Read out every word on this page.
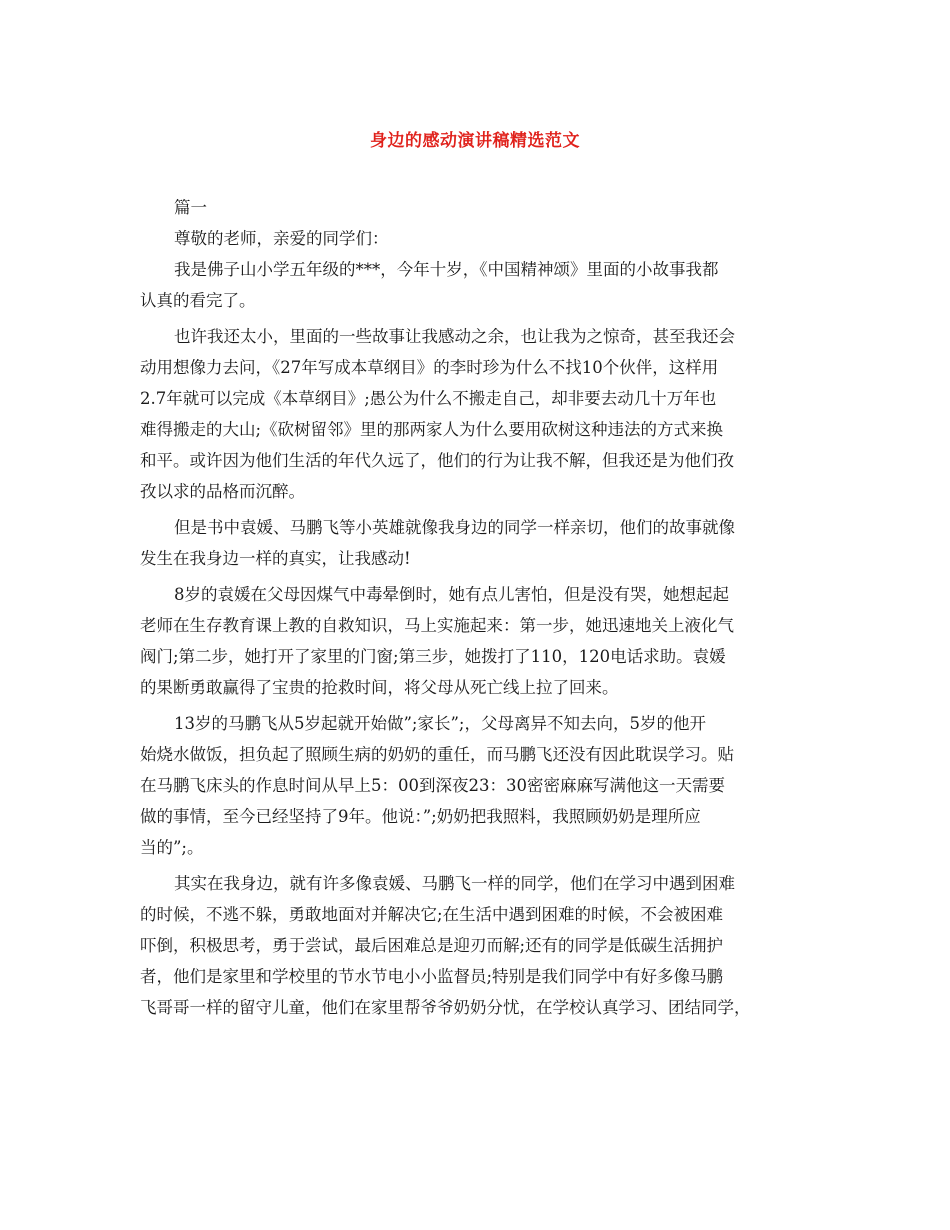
身边的感动演讲稿精选范文
篇一
尊敬的老师，亲爱的同学们：
我是佛子山小学五年级的***，今年十岁，《中国精神颂》里面的小故事我都
认真的看完了。
也许我还太小，里面的一些故事让我感动之余，也让我为之惊奇，甚至我还会
动用想像力去问，《27年写成本草纲目》的李时珍为什么不找10个伙伴，这样用
2.7年就可以完成《本草纲目》;愚公为什么不搬走自己，却非要去动几十万年也
难得搬走的大山;《砍树留邻》里的那两家人为什么要用砍树这种违法的方式来换
和平。或许因为他们生活的年代久远了，他们的行为让我不解，但我还是为他们孜
孜以求的品格而沉醉。
但是书中袁媛、马鹏飞等小英雄就像我身边的同学一样亲切，他们的故事就像
发生在我身边一样的真实，让我感动!
8岁的袁媛在父母因煤气中毒晕倒时，她有点儿害怕，但是没有哭，她想起起
老师在生存教育课上教的自救知识，马上实施起来：第一步，她迅速地关上液化气
阀门;第二步，她打开了家里的门窗;第三步，她拨打了110，120电话求助。袁媛
的果断勇敢赢得了宝贵的抢救时间，将父母从死亡线上拉了回来。
13岁的马鹏飞从5岁起就开始做”;家长”;，父母离异不知去向，5岁的他开
始烧水做饭，担负起了照顾生病的奶奶的重任，而马鹏飞还没有因此耽误学习。贴
在马鹏飞床头的作息时间从早上5：00到深夜23：30密密麻麻写满他这一天需要
做的事情，至今已经坚持了9年。他说：”;奶奶把我照料，我照顾奶奶是理所应
当的”;。
其实在我身边，就有许多像袁媛、马鹏飞一样的同学，他们在学习中遇到困难
的时候，不逃不躲，勇敢地面对并解决它;在生活中遇到困难的时候，不会被困难
吓倒，积极思考，勇于尝试，最后困难总是迎刃而解;还有的同学是低碳生活拥护
者，他们是家里和学校里的节水节电小小监督员;特别是我们同学中有好多像马鹏
飞哥哥一样的留守儿童，他们在家里帮爷爷奶奶分忧，在学校认真学习、团结同学，
